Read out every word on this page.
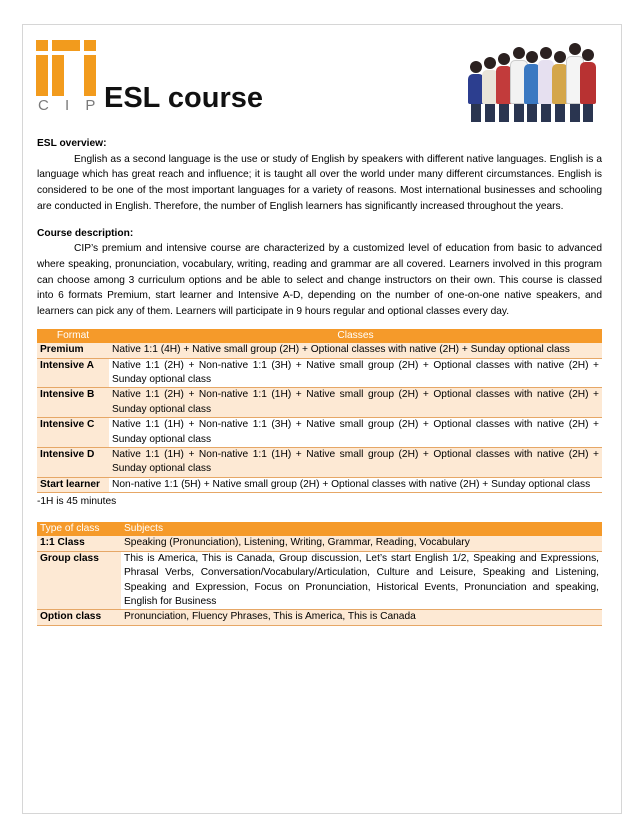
C I P ESL course
ESL overview:
English as a second language is the use or study of English by speakers with different native languages. English is a language which has great reach and influence; it is taught all over the world under many different circumstances. English is considered to be one of the most important languages for a variety of reasons. Most international businesses and schooling are conducted in English. Therefore, the number of English learners has significantly increased throughout the years.
Course description:
CIP’s premium and intensive course are characterized by a customized level of education from basic to advanced where speaking, pronunciation, vocabulary, writing, reading and grammar are all covered. Learners involved in this program can choose among 3 curriculum options and be able to select and change instructors on their own. This course is classed into 6 formats Premium, start learner and Intensive A-D, depending on the number of one-on-one native speakers, and learners can pick any of them. Learners will participate in 9 hours regular and optional classes every day.
Format	Classes
Premium	Native 1:1 (4H) + Native small group (2H) + Optional classes with native (2H) + Sunday optional class
Intensive A	Native 1:1 (2H) + Non-native 1:1 (3H) + Native small group (2H) + Optional classes with native (2H) + Sunday optional class
Intensive B	Native 1:1 (2H) + Non-native 1:1 (1H) + Native small group (2H) + Optional classes with native (2H) + Sunday optional class
Intensive C	Native 1:1 (1H) + Non-native 1:1 (3H) + Native small group (2H) + Optional classes with native (2H) + Sunday optional class
Intensive D	Native 1:1 (1H) + Non-native 1:1 (1H) + Native small group (2H) + Optional classes with native (2H) + Sunday optional class
Start learner	Non-native 1:1 (5H) + Native small group (2H) + Optional classes with native (2H) + Sunday optional class
-1H is 45 minutes
Type of class	Subjects
1:1 Class	Speaking (Pronunciation), Listening, Writing, Grammar, Reading, Vocabulary
Group class	This is America, This is Canada, Group discussion, Let’s start English 1/2, Speaking and Expressions, Phrasal Verbs, Conversation/Vocabulary/Articulation, Culture and Leisure, Speaking and Listening, Speaking and Expression, Focus on Pronunciation, Historical Events, Pronunciation and speaking, English for Business
Option class	Pronunciation, Fluency Phrases, This is America, This is Canada
